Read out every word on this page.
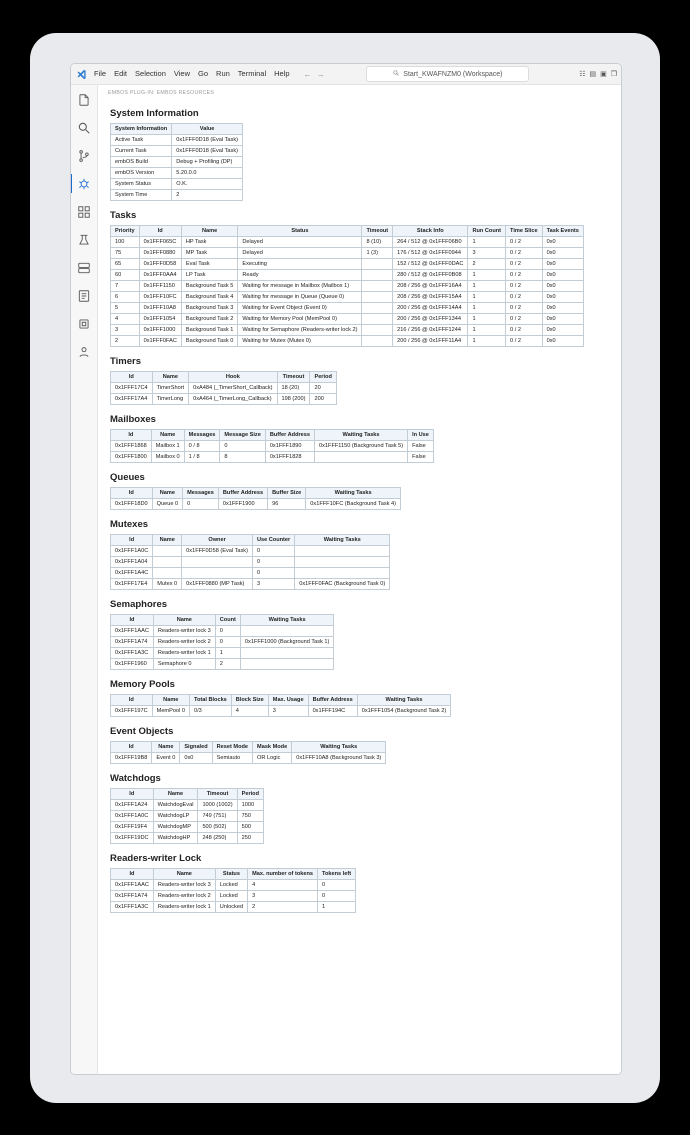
File	Edit	Selection	View	Go	Run	Terminal	Help	← →	Start_KWAFNZM0 (Workspace)	☷ ▤ ▣ ❐
EMBOS PLUG-IN: EMBOS RESOURCES
System Information
System Information	Value
Active Task	0x1FFF0D18 (Eval Task)
Current Task	0x1FFF0D18 (Eval Task)
embOS Build	Debug + Profiling (DP)
embOS Version	5.20.0.0
System Status	O.K.
System Time	2
Tasks
Priority	Id	Name	Status	Timeout	Stack Info	Run Count	Time Slice	Task Events
100	0x1FFF065C	HP Task	Delayed	8 (10)	264 / 512 @ 0x1FFF06B0	1	0 / 2	0x0
75	0x1FFF0880	MP Task	Delayed	1 (3)	176 / 512 @ 0x1FFF0944	3	0 / 2	0x0
65	0x1FFF0D58	Eval Task	Executing		152 / 512 @ 0x1FFF0DAC	2	0 / 2	0x0
60	0x1FFF0AA4	LP Task	Ready		280 / 512 @ 0x1FFF0B08	1	0 / 2	0x0
7	0x1FFF1150	Background Task 5	Waiting for message in Mailbox (Mailbox 1)		208 / 256 @ 0x1FFF16A4	1	0 / 2	0x0
6	0x1FFF10FC	Background Task 4	Waiting for message in Queue (Queue 0)		208 / 256 @ 0x1FFF15A4	1	0 / 2	0x0
5	0x1FFF10A8	Background Task 3	Waiting for Event Object (Event 0)		200 / 256 @ 0x1FFF14A4	1	0 / 2	0x0
4	0x1FFF1054	Background Task 2	Waiting for Memory Pool (MemPool 0)		200 / 256 @ 0x1FFF1344	1	0 / 2	0x0
3	0x1FFF1000	Background Task 1	Waiting for Semaphore (Readers-writer lock 2)		216 / 256 @ 0x1FFF1244	1	0 / 2	0x0
2	0x1FFF0FAC	Background Task 0	Waiting for Mutex (Mutex 0)		200 / 256 @ 0x1FFF11A4	1	0 / 2	0x0
Timers
Id	Name	Hook	Timeout	Period
0x1FFF17C4	TimerShort	0xA484 (_TimerShort_Callback)	18 (20)	20
0x1FFF17A4	TimerLong	0xA464 (_TimerLong_Callback)	198 (200)	200
Mailboxes
Id	Name	Messages	Message Size	Buffer Address	Waiting Tasks	In Use
0x1FFF1868	Mailbox 1	0 / 8	0	0x1FFF1890	0x1FFF1150 (Background Task 5)	False
0x1FFF1800	Mailbox 0	1 / 8	8	0x1FFF1828		False
Queues
Id	Name	Messages	Buffer Address	Buffer Size	Waiting Tasks
0x1FFF18D0	Queue 0	0	0x1FFF1900	96	0x1FFF10FC (Background Task 4)
Mutexes
Id	Name	Owner	Use Counter	Waiting Tasks
0x1FFF1A0C		0x1FFF0D58 (Eval Task)	0	
0x1FFF1A04			0	
0x1FFF1A4C			0	
0x1FFF17E4	Mutex 0	0x1FFF0880 (MP Task)	3	0x1FFF0FAC (Background Task 0)
Semaphores
Id	Name	Count	Waiting Tasks
0x1FFF1AAC	Readers-writer lock 3	0	
0x1FFF1A74	Readers-writer lock 2	0	0x1FFF1000 (Background Task 1)
0x1FFF1A3C	Readers-writer lock 1	1	
0x1FFF1960	Semaphore 0	2	
Memory Pools
Id	Name	Total Blocks	Block Size	Max. Usage	Buffer Address	Waiting Tasks
0x1FFF197C	MemPool 0	0/3	4	3	0x1FFF194C	0x1FFF1054 (Background Task 2)
Event Objects
Id	Name	Signaled	Reset Mode	Mask Mode	Waiting Tasks
0x1FFF19B8	Event 0	0x0	Semiauto	OR Logic	0x1FFF10A8 (Background Task 3)
Watchdogs
Id	Name	Timeout	Period
0x1FFF1A24	WatchdogEval	1000 (1002)	1000
0x1FFF1A0C	WatchdogLP	749 (751)	750
0x1FFF19F4	WatchdogMP	500 (502)	500
0x1FFF19DC	WatchdogHP	248 (250)	250
Readers-writer Lock
Id	Name	Status	Max. number of tokens	Tokens left
0x1FFF1AAC	Readers-writer lock 3	Locked	4	0
0x1FFF1A74	Readers-writer lock 2	Locked	3	0
0x1FFF1A3C	Readers-writer lock 1	Unlocked	2	1
